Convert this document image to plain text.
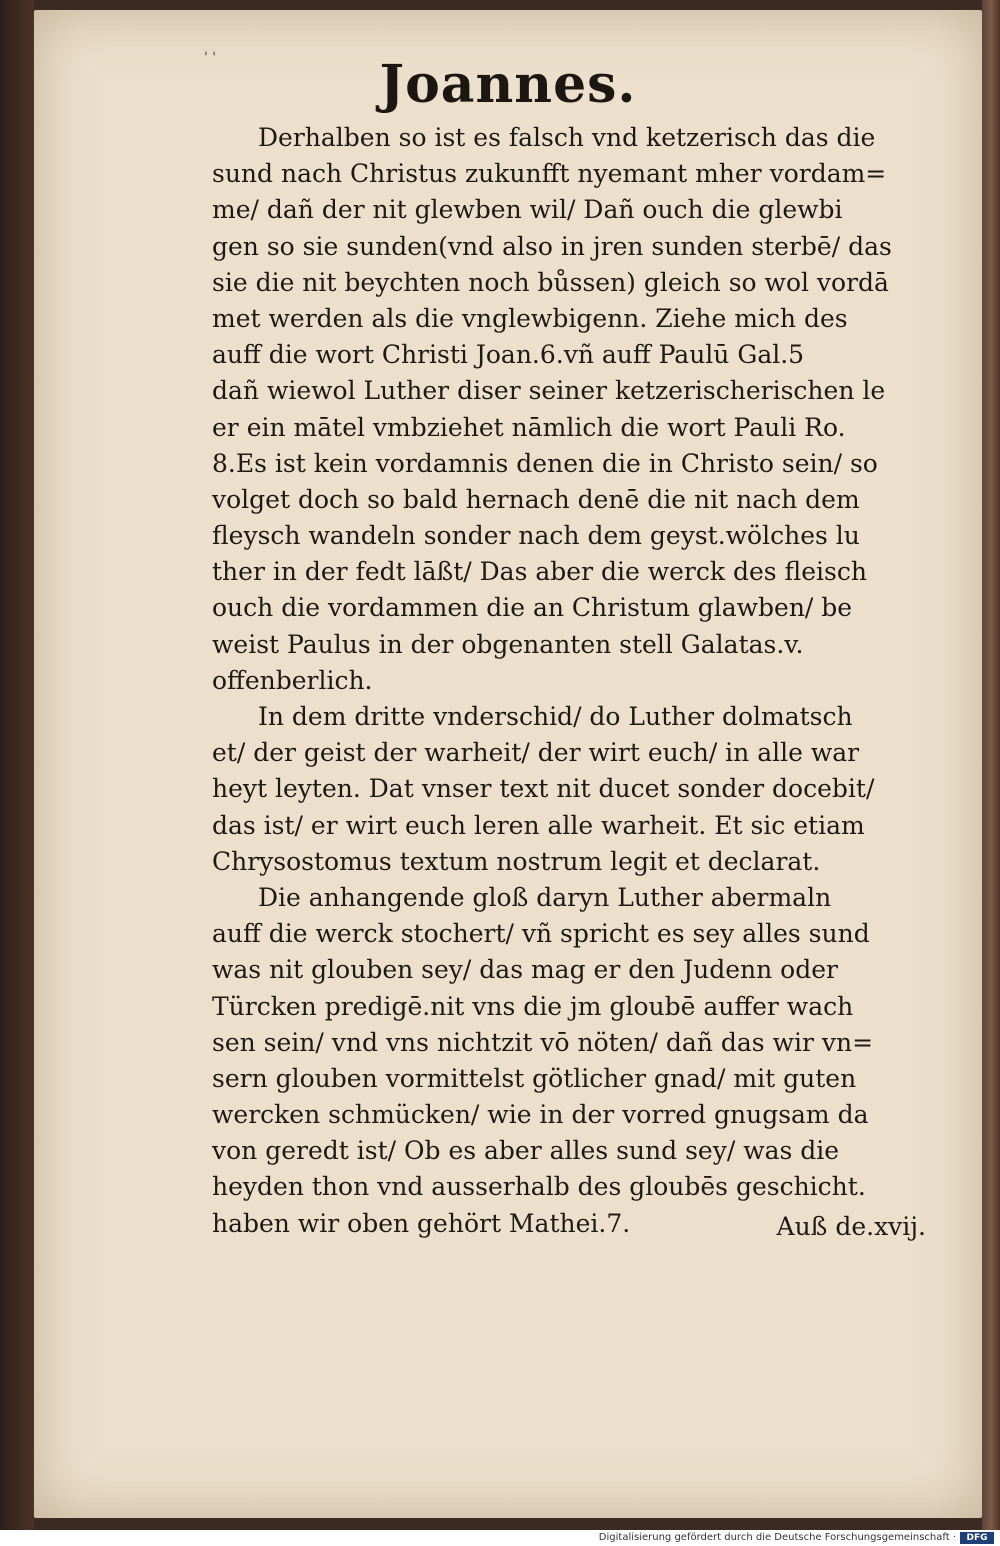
' '	Joannes.
Derhalben so ist es falsch vnd ketzerisch das die
sund nach Christus zukunfft nyemant mher vordam=
me/ dañ der nit glewben wil/ Dañ ouch die glewbi
gen so sie sunden(vnd also in jren sunden sterbē/ das
sie die nit beychten noch bůssen) gleich so wol vordā
met werden als die vnglewbigenn. Ziehe mich des
auff die wort Christi Joan.6.vñ auff Paulū Gal.5
dañ wiewol Luther diser seiner ketzerischerischen le
er ein mātel vmbziehet nāmlich die wort Pauli Ro.
8.Es ist kein vordamnis denen die in Christo sein/ so
volget doch so bald hernach denē die nit nach dem
fleysch wandeln sonder nach dem geyst.wölches lu
ther in der fedt lāßt/ Das aber die werck des fleisch
ouch die vordammen die an Christum glawben/ be
weist Paulus in der obgenanten stell Galatas.v.
offenberlich.
In dem dritte vnderschid/ do Luther dolmatsch
et/ der geist der warheit/ der wirt euch/ in alle war
heyt leyten. Dat vnser text nit ducet sonder docebit/
das ist/ er wirt euch leren alle warheit. Et sic etiam
Chrysostomus textum nostrum legit et declarat.
Die anhangende gloß daryn Luther abermaln
auff die werck stochert/ vñ spricht es sey alles sund
was nit glouben sey/ das mag er den Judenn oder
Türcken predigē.nit vns die jm gloubē auffer wach
sen sein/ vnd vns nichtzit vō nöten/ dañ das wir vn=
sern glouben vormittelst götlicher gnad/ mit guten
wercken schmücken/ wie in der vorred gnugsam da
von geredt ist/ Ob es aber alles sund sey/ was die
heyden thon vnd ausserhalb des gloubēs geschicht.
haben wir oben gehört Mathei.7.	Auß de.xvij.
Digitalisierung gefördert durch die Deutsche Forschungsgemeinschaft ·	DFG
